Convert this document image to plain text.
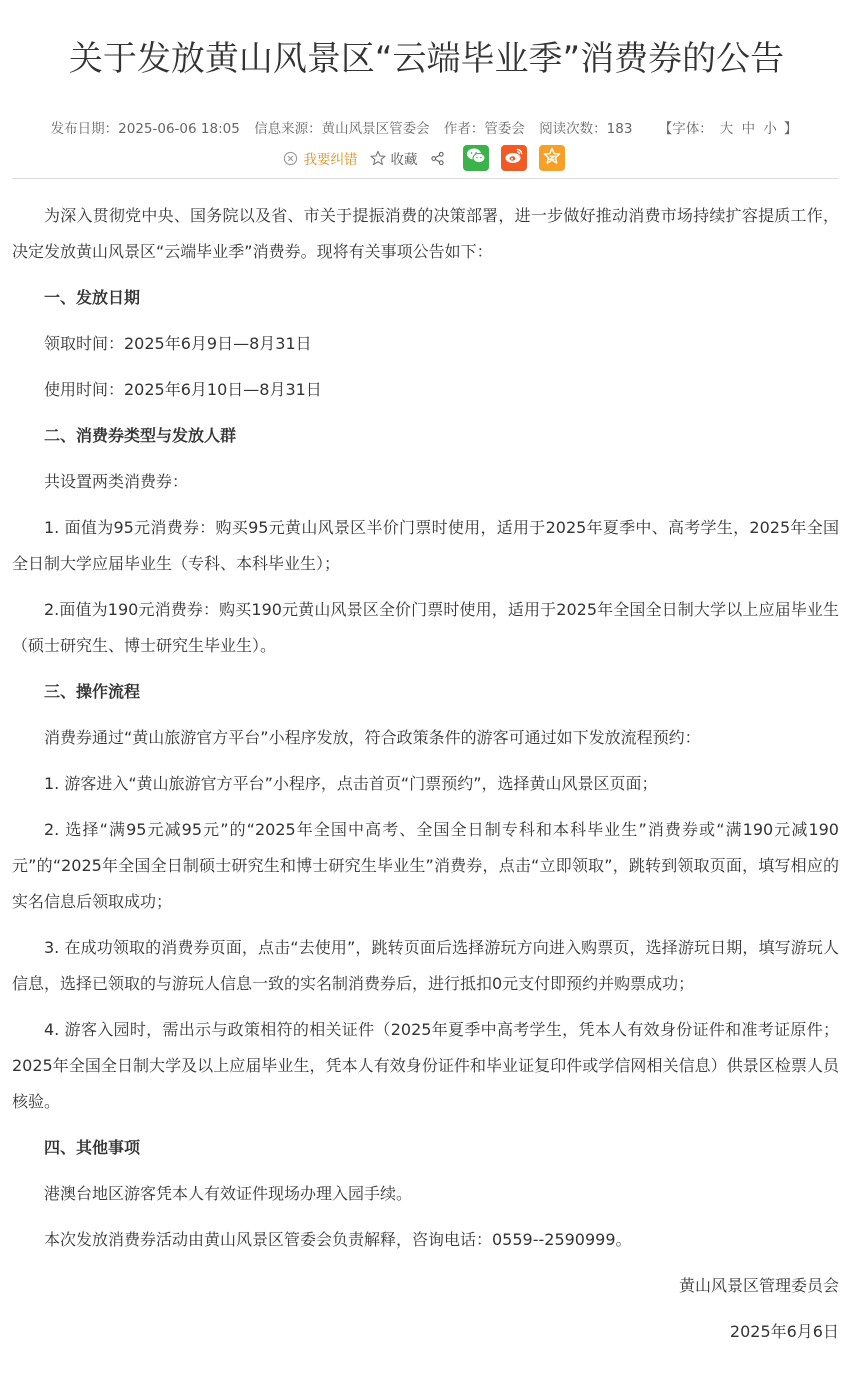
关于发放黄山风景区“云端毕业季”消费券的公告
发布日期：2025-06-06 18:05 信息来源：黄山风景区管委会 作者：管委会 阅读次数：183 【字体： 大 中 小 】
我要纠错 收藏

为深入贯彻党中央、国务院以及省、市关于提振消费的决策部署，进一步做好推动消费市场持续扩容提质工作，决定发放黄山风景区“云端毕业季”消费券。现将有关事项公告如下：

一、发放日期

领取时间：2025年6月9日—8月31日

使用时间：2025年6月10日—8月31日

二、消费券类型与发放人群

共设置两类消费券：

1. 面值为95元消费券：购买95元黄山风景区半价门票时使用，适用于2025年夏季中、高考学生，2025年全国全日制大学应届毕业生（专科、本科毕业生）；

2.面值为190元消费券：购买190元黄山风景区全价门票时使用，适用于2025年全国全日制大学以上应届毕业生（硕士研究生、博士研究生毕业生）。

三、操作流程

消费券通过“黄山旅游官方平台”小程序发放，符合政策条件的游客可通过如下发放流程预约：

1. 游客进入“黄山旅游官方平台”小程序，点击首页“门票预约”，选择黄山风景区页面；

2. 选择“满95元减95元”的“2025年全国中高考、全国全日制专科和本科毕业生”消费券或“满190元减190元”的“2025年全国全日制硕士研究生和博士研究生毕业生”消费券，点击“立即领取”，跳转到领取页面，填写相应的实名信息后领取成功；

3. 在成功领取的消费券页面，点击“去使用”，跳转页面后选择游玩方向进入购票页，选择游玩日期，填写游玩人信息，选择已领取的与游玩人信息一致的实名制消费券后，进行抵扣0元支付即预约并购票成功；

4. 游客入园时，需出示与政策相符的相关证件（2025年夏季中高考学生，凭本人有效身份证件和准考证原件；2025年全国全日制大学及以上应届毕业生，凭本人有效身份证件和毕业证复印件或学信网相关信息）供景区检票人员核验。

四、其他事项

港澳台地区游客凭本人有效证件现场办理入园手续。

本次发放消费券活动由黄山风景区管委会负责解释，咨询电话：0559--2590999。

黄山风景区管理委员会

2025年6月6日
